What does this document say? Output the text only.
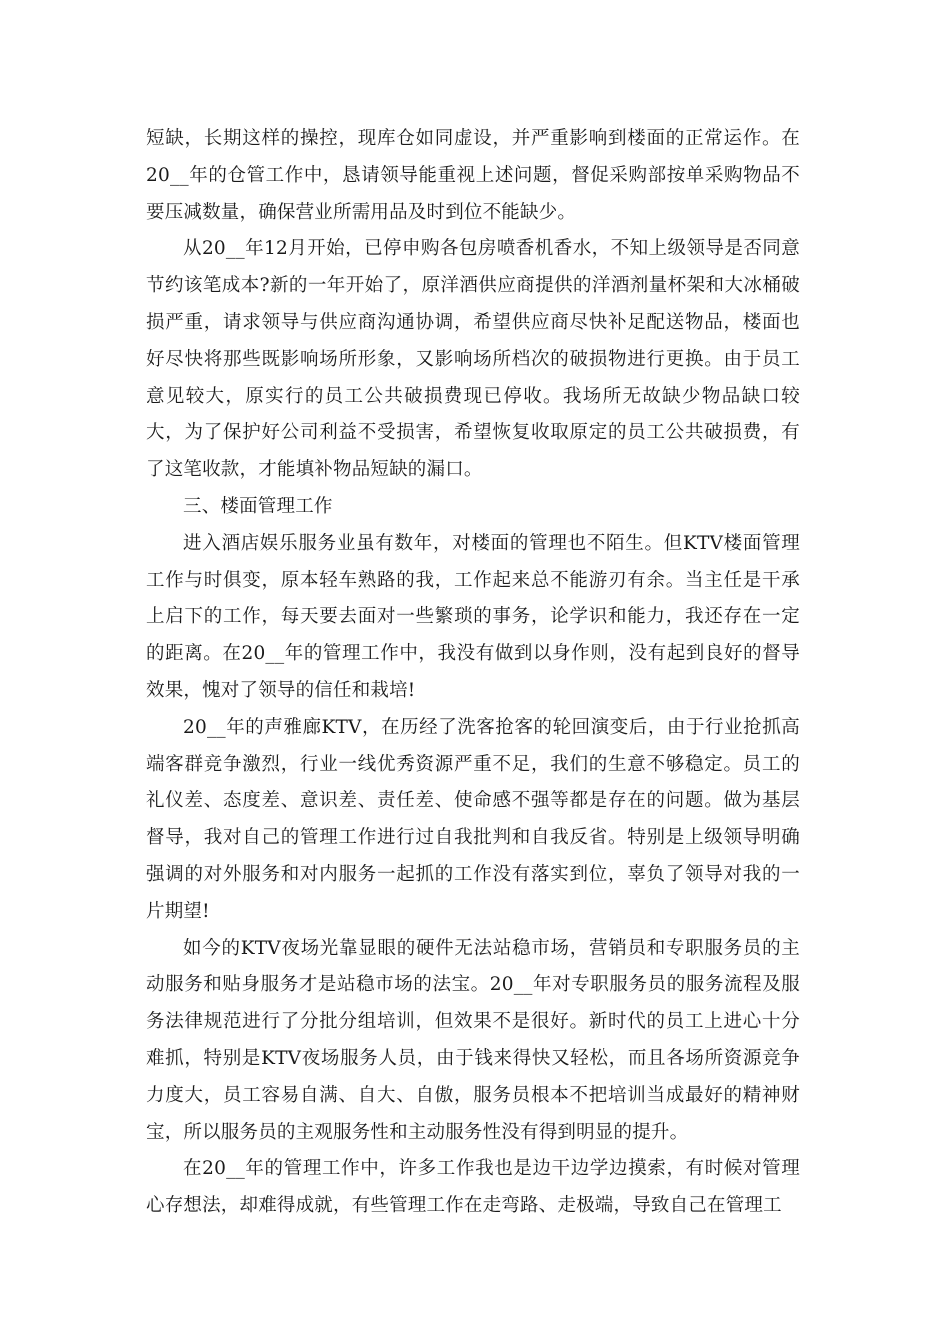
短缺，长期这样的操控，现库仓如同虚设，并严重影响到楼面的正常运作。在20__年的仓管工作中，恳请领导能重视上述问题，督促采购部按单采购物品不要压减数量，确保营业所需用品及时到位不能缺少。

从20__年12月开始，已停申购各包房喷香机香水，不知上级领导是否同意节约该笔成本?新的一年开始了，原洋酒供应商提供的洋酒剂量杯架和大冰桶破损严重，请求领导与供应商沟通协调，希望供应商尽快补足配送物品，楼面也好尽快将那些既影响场所形象，又影响场所档次的破损物进行更换。由于员工意见较大，原实行的员工公共破损费现已停收。我场所无故缺少物品缺口较大，为了保护好公司利益不受损害，希望恢复收取原定的员工公共破损费，有了这笔收款，才能填补物品短缺的漏口。

三、楼面管理工作

进入酒店娱乐服务业虽有数年，对楼面的管理也不陌生。但KTV楼面管理工作与时俱变，原本轻车熟路的我，工作起来总不能游刃有余。当主任是干承上启下的工作，每天要去面对一些繁琐的事务，论学识和能力，我还存在一定的距离。在20__年的管理工作中，我没有做到以身作则，没有起到良好的督导效果，愧对了领导的信任和栽培!

20__年的声雅廊KTV，在历经了洗客抢客的轮回演变后，由于行业抢抓高端客群竞争激烈，行业一线优秀资源严重不足，我们的生意不够稳定。员工的礼仪差、态度差、意识差、责任差、使命感不强等都是存在的问题。做为基层督导，我对自己的管理工作进行过自我批判和自我反省。特别是上级领导明确强调的对外服务和对内服务一起抓的工作没有落实到位，辜负了领导对我的一片期望!

如今的KTV夜场光靠显眼的硬件无法站稳市场，营销员和专职服务员的主动服务和贴身服务才是站稳市场的法宝。20__年对专职服务员的服务流程及服务法律规范进行了分批分组培训，但效果不是很好。新时代的员工上进心十分难抓，特别是KTV夜场服务人员，由于钱来得快又轻松，而且各场所资源竞争力度大，员工容易自满、自大、自傲，服务员根本不把培训当成最好的精神财宝，所以服务员的主观服务性和主动服务性没有得到明显的提升。

在20__年的管理工作中，许多工作我也是边干边学边摸索，有时候对管理心存想法，却难得成就，有些管理工作在走弯路、走极端，导致自己在管理工
